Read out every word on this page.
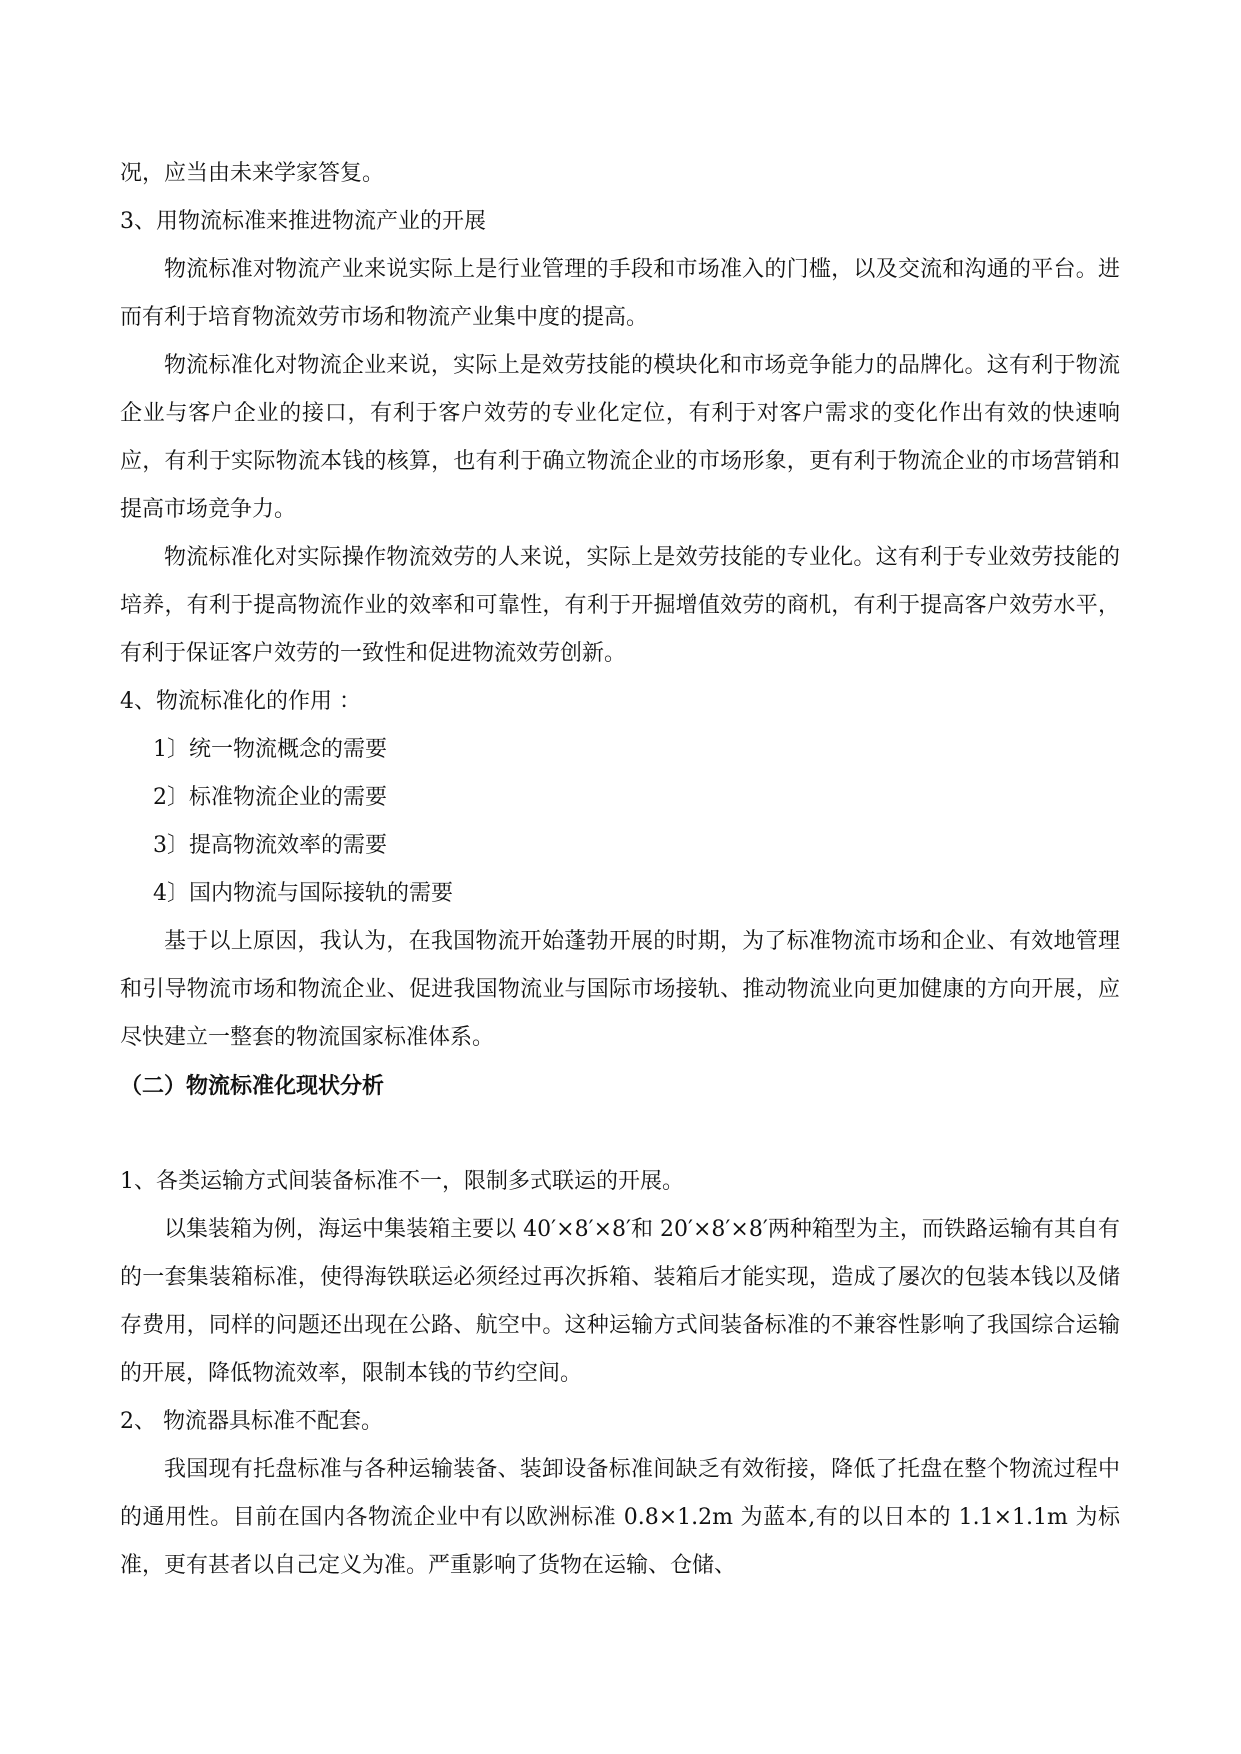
况，应当由未来学家答复。

3、用物流标准来推进物流产业的开展

物流标准对物流产业来说实际上是行业管理的手段和市场准入的门槛，以及交流和沟通的平台。进而有利于培育物流效劳市场和物流产业集中度的提高。

物流标准化对物流企业来说，实际上是效劳技能的模块化和市场竞争能力的品牌化。这有利于物流企业与客户企业的接口，有利于客户效劳的专业化定位，有利于对客户需求的变化作出有效的快速响应，有利于实际物流本钱的核算，也有利于确立物流企业的市场形象，更有利于物流企业的市场营销和提高市场竞争力。

物流标准化对实际操作物流效劳的人来说，实际上是效劳技能的专业化。这有利于专业效劳技能的培养，有利于提高物流作业的效率和可靠性，有利于开掘增值效劳的商机，有利于提高客户效劳水平，有利于保证客户效劳的一致性和促进物流效劳创新。

4、物流标准化的作用 ：

1〕统一物流概念的需要

2〕标准物流企业的需要

3〕提高物流效率的需要

4〕国内物流与国际接轨的需要

基于以上原因，我认为，在我国物流开始蓬勃开展的时期，为了标准物流市场和企业、有效地管理和引导物流市场和物流企业、促进我国物流业与国际市场接轨、推动物流业向更加健康的方向开展，应尽快建立一整套的物流国家标准体系。

（二）物流标准化现状分析

1、各类运输方式间装备标准不一，限制多式联运的开展。

以集装箱为例，海运中集装箱主要以 40′×8′×8′和 20′×8′×8′两种箱型为主，而铁路运输有其自有的一套集装箱标准，使得海铁联运必须经过再次拆箱、装箱后才能实现，造成了屡次的包装本钱以及储存费用，同样的问题还出现在公路、航空中。这种运输方式间装备标准的不兼容性影响了我国综合运输的开展，降低物流效率，限制本钱的节约空间。

2、 物流器具标准不配套。

我国现有托盘标准与各种运输装备、装卸设备标准间缺乏有效衔接，降低了托盘在整个物流过程中的通用性。目前在国内各物流企业中有以欧洲标准 0.8×1.2m 为蓝本,有的以日本的 1.1×1.1m 为标准，更有甚者以自己定义为准。严重影响了货物在运输、仓储、
